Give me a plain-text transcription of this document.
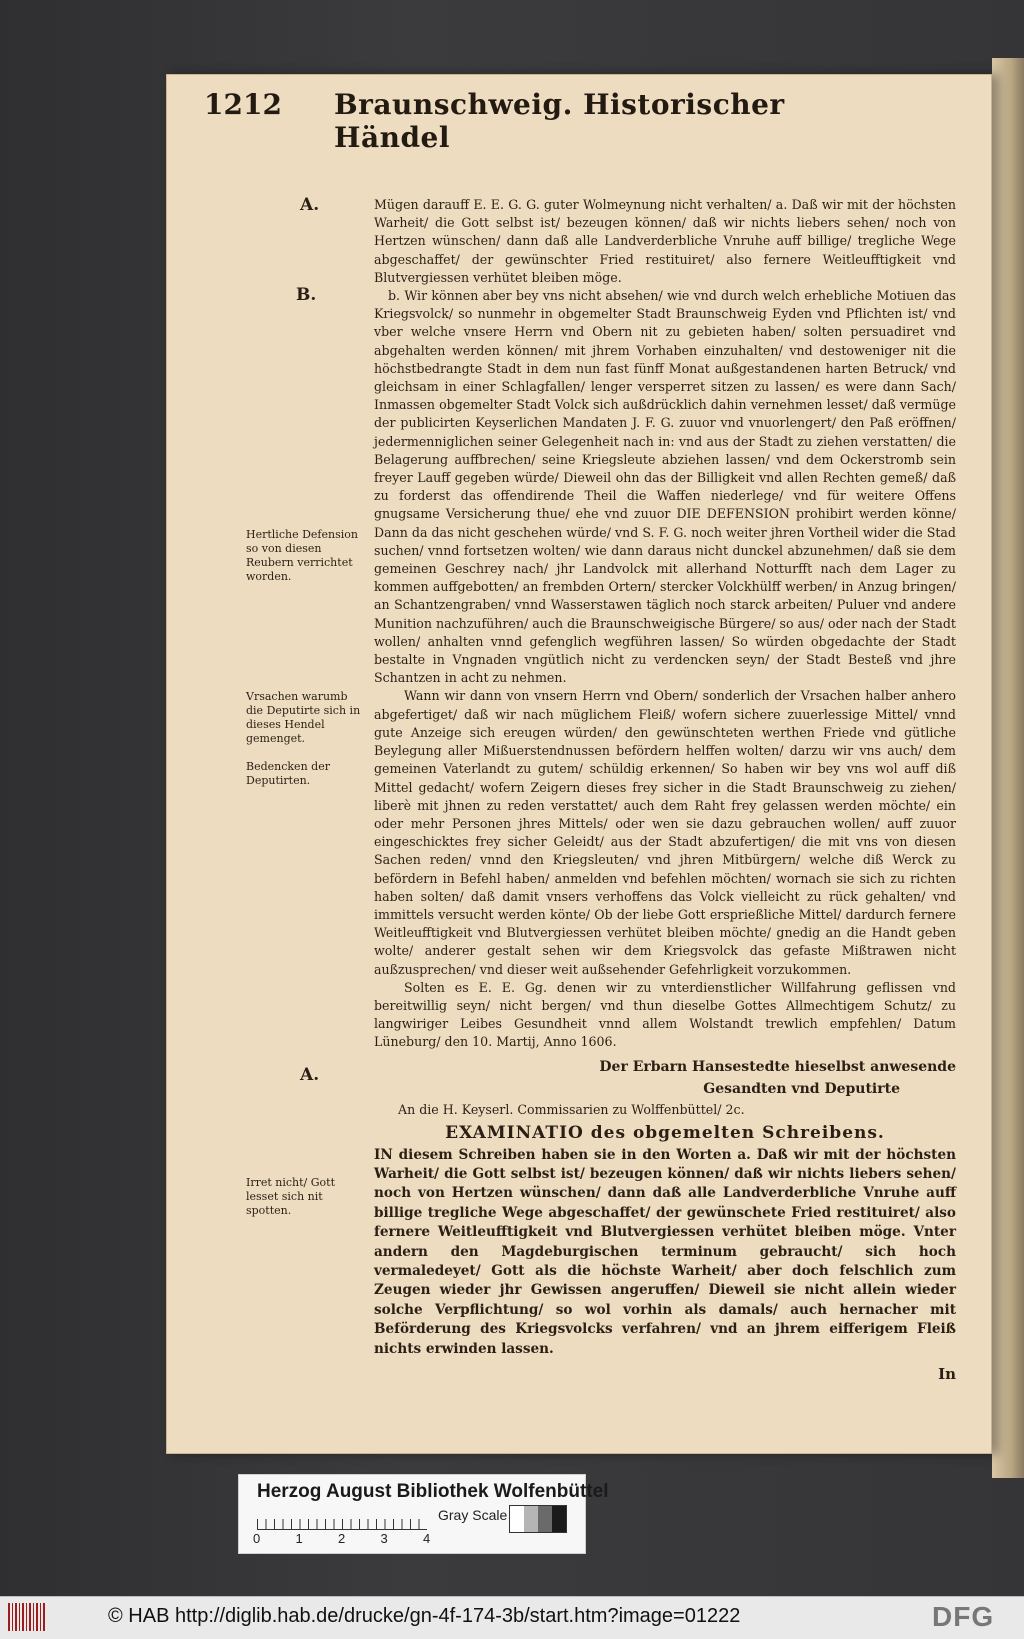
1212 Braunschweig. Historischer Händel
A.
B.
A.
Hertliche Defension so von diesen Reubern verrichtet worden.
Vrsachen warumb die Deputirte sich in dieses Hendel gemenget.
Bedencken der Deputirten.
Irret nicht/ Gott lesset sich nit spotten.

Mügen darauff E. E. G. G. guter Wolmeynung nicht verhalten/ a. Daß wir mit der höchsten Warheit/ die Gott selbst ist/ bezeugen können/ daß wir nichts liebers sehen/ noch von Hertzen wünschen/ dann daß alle Landverderbliche Vnruhe auff billige/ tregliche Wege abgeschaffet/ der gewünschter Fried restituiret/ also fernere Weitleufftigkeit vnd Blutvergiessen verhütet bleiben möge.

b. Wir können aber bey vns nicht absehen/ wie vnd durch welch erhebliche Motiuen das Kriegsvolck/ so nunmehr in obgemelter Stadt Braunschweig Eyden vnd Pflichten ist/ vnd vber welche vnsere Herrn vnd Obern nit zu gebieten haben/ solten persuadiret vnd abgehalten werden können/ mit jhrem Vorhaben einzuhalten/ vnd destoweniger nit die höchstbedrangte Stadt in dem nun fast fünff Monat außgestandenen harten Betruck/ vnd gleichsam in einer Schlagfallen/ lenger versperret sitzen zu lassen/ es were dann Sach/ Inmassen obgemelter Stadt Volck sich außdrücklich dahin vernehmen lesset/ daß vermüge der publicirten Keyserlichen Mandaten J. F. G. zuuor vnd vnuorlengert/ den Paß eröffnen/ jedermenniglichen seiner Gelegenheit nach in: vnd aus der Stadt zu ziehen verstatten/ die Belagerung auffbrechen/ seine Kriegsleute abziehen lassen/ vnd dem Ockerstromb sein freyer Lauff gegeben würde/ Dieweil ohn das der Billigkeit vnd allen Rechten gemeß/ daß zu forderst das offendirende Theil die Waffen niederlege/ vnd für weitere Offens gnugsame Versicherung thue/ ehe vnd zuuor DIE DEFENSION prohibirt werden könne/ Dann da das nicht geschehen würde/ vnd S. F. G. noch weiter jhren Vortheil wider die Stad suchen/ vnnd fortsetzen wolten/ wie dann daraus nicht dunckel abzunehmen/ daß sie dem gemeinen Geschrey nach/ jhr Landvolck mit allerhand Notturfft nach dem Lager zu kommen auffgebotten/ an frembden Ortern/ stercker Volckhülff werben/ in Anzug bringen/ an Schantzengraben/ vnnd Wasserstawen täglich noch starck arbeiten/ Puluer vnd andere Munition nachzuführen/ auch die Braunschweigische Bürgere/ so aus/ oder nach der Stadt wollen/ anhalten vnnd gefenglich wegführen lassen/ So würden obgedachte der Stadt bestalte in Vngnaden vngütlich nicht zu verdencken seyn/ der Stadt Besteß vnd jhre Schantzen in acht zu nehmen.

Wann wir dann von vnsern Herrn vnd Obern/ sonderlich der Vrsachen halber anhero abgefertiget/ daß wir nach müglichem Fleiß/ wofern sichere zuuerlessige Mittel/ vnnd gute Anzeige sich ereugen würden/ den gewünschteten werthen Friede vnd gütliche Beylegung aller Mißuerstendnussen befördern helffen wolten/ darzu wir vns auch/ dem gemeinen Vaterlandt zu gutem/ schüldig erkennen/ So haben wir bey vns wol auff diß Mittel gedacht/ wofern Zeigern dieses frey sicher in die Stadt Braunschweig zu ziehen/ liberè mit jhnen zu reden verstattet/ auch dem Raht frey gelassen werden möchte/ ein oder mehr Personen jhres Mittels/ oder wen sie dazu gebrauchen wollen/ auff zuuor eingeschicktes frey sicher Geleidt/ aus der Stadt abzufertigen/ die mit vns von diesen Sachen reden/ vnnd den Kriegsleuten/ vnd jhren Mitbürgern/ welche diß Werck zu befördern in Befehl haben/ anmelden vnd befehlen möchten/ wornach sie sich zu richten haben solten/ daß damit vnsers verhoffens das Volck vielleicht zu rück gehalten/ vnd immittels versucht werden könte/ Ob der liebe Gott ersprießliche Mittel/ dardurch fernere Weitleufftigkeit vnd Blutvergiessen verhütet bleiben möchte/ gnedig an die Handt geben wolte/ anderer gestalt sehen wir dem Kriegsvolck das gefaste Mißtrawen nicht außzusprechen/ vnd dieser weit außsehender Gefehrligkeit vorzukommen.

Solten es E. E. Gg. denen wir zu vnterdienstlicher Willfahrung geflissen vnd bereitwillig seyn/ nicht bergen/ vnd thun dieselbe Gottes Allmechtigem Schutz/ zu langwiriger Leibes Gesundheit vnnd allem Wolstandt trewlich empfehlen/ Datum Lüneburg/ den 10. Martij, Anno 1606.

Der Erbarn Hansestedte hieselbst anwesende
Gesandten vnd Deputirte
An die H. Keyserl. Commissarien zu Wolffenbüttel/ 2c.
EXAMINATIO des obgemelten Schreibens.

IN diesem Schreiben haben sie in den Worten a. Daß wir mit der höchsten Warheit/ die Gott selbst ist/ bezeugen können/ daß wir nichts liebers sehen/ noch von Hertzen wünschen/ dann daß alle Landverderbliche Vnruhe auff billige tregliche Wege abgeschaffet/ der gewünschete Fried restituiret/ also fernere Weitleufftigkeit vnd Blutvergiessen verhütet bleiben möge. Vnter andern den Magdeburgischen terminum gebraucht/ sich hoch vermaledeyet/ Gott als die höchste Warheit/ aber doch felschlich zum Zeugen wieder jhr Gewissen angeruffen/ Dieweil sie nicht allein wieder solche Verpflichtung/ so wol vorhin als damals/ auch hernacher mit Beförderung des Kriegsvolcks verfahren/ vnd an jhrem eifferigem Fleiß nichts erwinden lassen.

In
Herzog August Bibliothek Wolfenbüttel
0	1	2	3	4
Gray Scale
© HAB http://diglib.hab.de/drucke/gn-4f-174-3b/start.htm?image=01222	DFG
